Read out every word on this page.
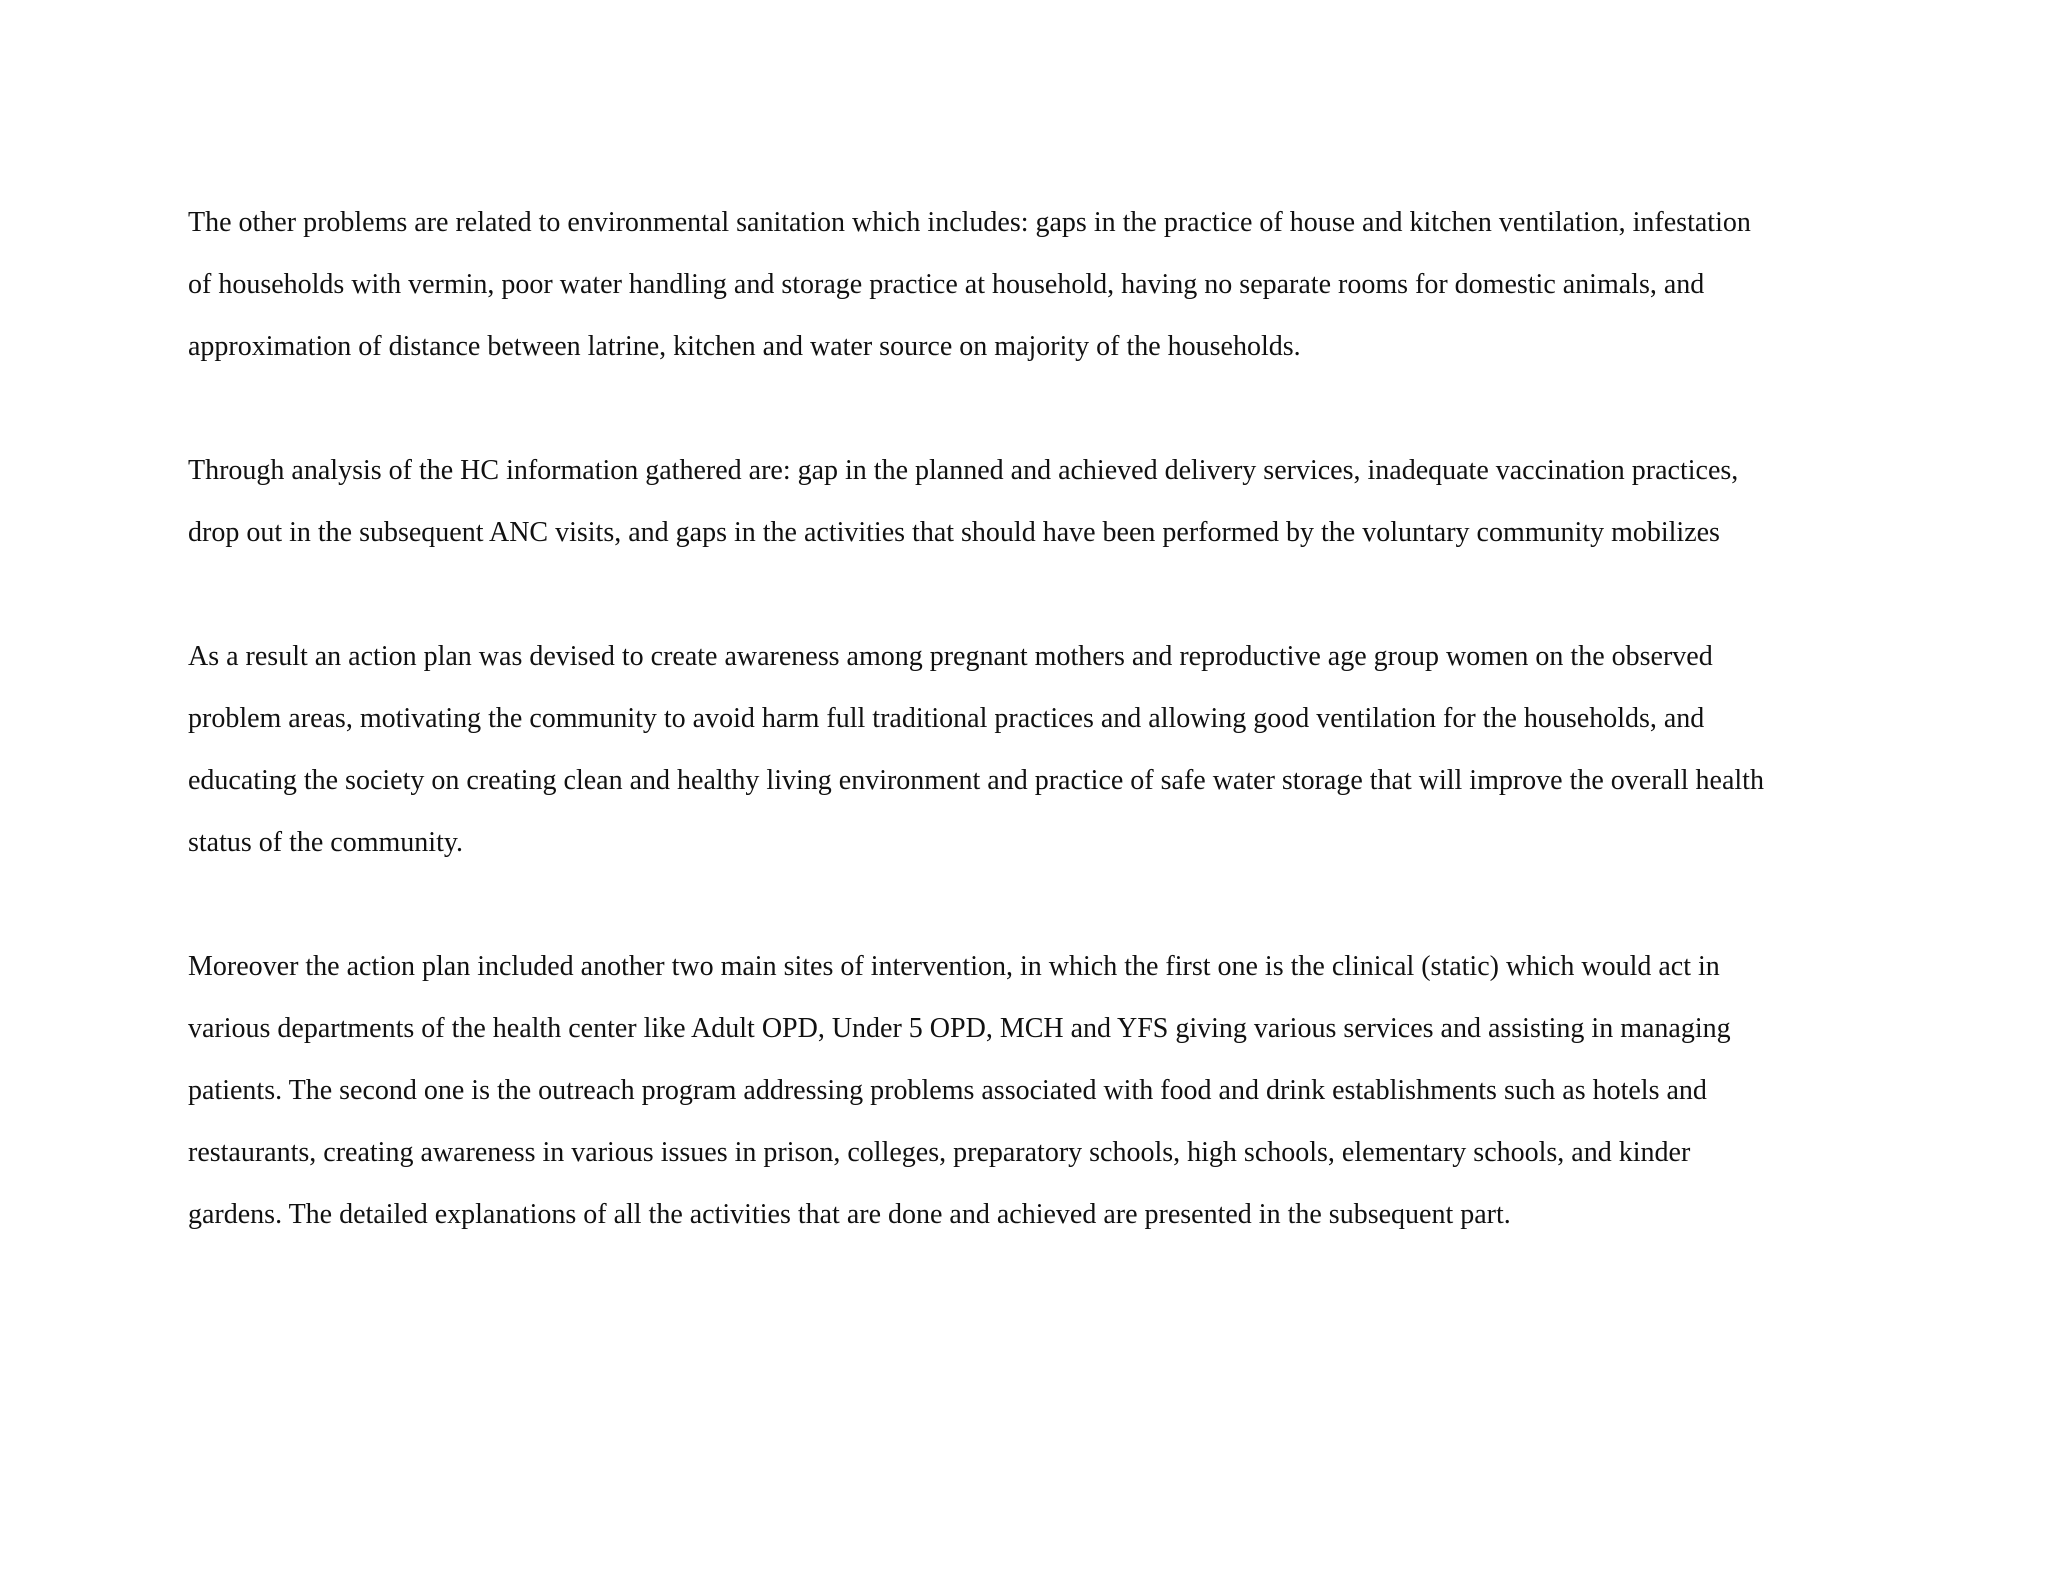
The other problems are related to environmental sanitation which includes: gaps in the practice of house and kitchen ventilation, infestation
of households with vermin, poor water handling and storage practice at household, having no separate rooms for domestic animals, and
approximation of distance between latrine, kitchen and water source on majority of the households.

Through analysis of the HC information gathered are: gap in the planned and achieved delivery services, inadequate vaccination practices,
drop out in the subsequent ANC visits, and gaps in the activities that should have been performed by the voluntary community mobilizes

As a result an action plan was devised to create awareness among pregnant mothers and reproductive age group women on the observed
problem areas, motivating the community to avoid harm full traditional practices and allowing good ventilation for the households, and
educating the society on creating clean and healthy living environment and practice of safe water storage that will improve the overall health
status of the community.

Moreover the action plan included another two main sites of intervention, in which the first one is the clinical (static) which would act in
various departments of the health center like Adult OPD, Under 5 OPD, MCH and YFS giving various services and assisting in managing
patients. The second one is the outreach program addressing problems associated with food and drink establishments such as hotels and
restaurants, creating awareness in various issues in prison, colleges, preparatory schools, high schools, elementary schools, and kinder
gardens. The detailed explanations of all the activities that are done and achieved are presented in the subsequent part.
